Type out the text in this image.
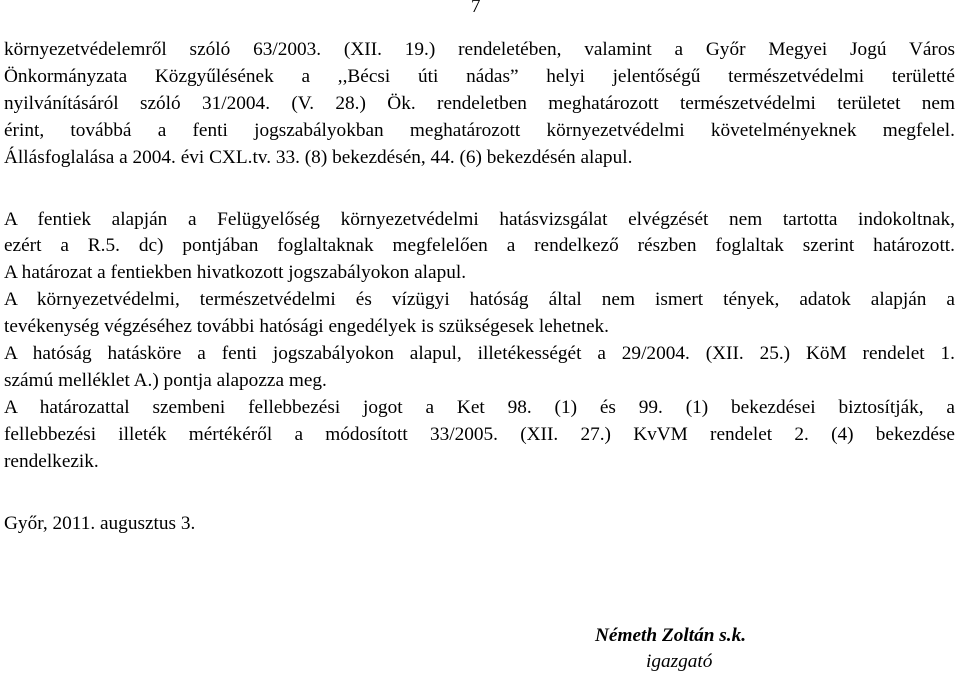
7
környezetvédelemről szóló 63/2003. (XII. 19.) rendeletében, valamint a Győr Megyei Jogú Város
Önkormányzata Közgyűlésének a ,,Bécsi úti nádas” helyi jelentőségű természetvédelmi területté
nyilvánításáról szóló 31/2004. (V. 28.) Ök. rendeletben meghatározott természetvédelmi területet nem
érint, továbbá a fenti jogszabályokban meghatározott környezetvédelmi követelményeknek megfelel.
Állásfoglalása a 2004. évi CXL.tv. 33. (8) bekezdésén, 44. (6) bekezdésén alapul.
A fentiek alapján a Felügyelőség környezetvédelmi hatásvizsgálat elvégzését nem tartotta indokoltnak,
ezért a R.5. dc) pontjában foglaltaknak megfelelően a rendelkező részben foglaltak szerint határozott.
A határozat a fentiekben hivatkozott jogszabályokon alapul.
A környezetvédelmi, természetvédelmi és vízügyi hatóság által nem ismert tények, adatok alapján a
tevékenység végzéséhez további hatósági engedélyek is szükségesek lehetnek.
A hatóság hatásköre a fenti jogszabályokon alapul, illetékességét a 29/2004. (XII. 25.) KöM rendelet 1.
számú melléklet A.) pontja alapozza meg.
A határozattal szembeni fellebbezési jogot a Ket 98. (1) és 99. (1) bekezdései biztosítják, a
fellebbezési illeték mértékéről a módosított 33/2005. (XII. 27.) KvVM rendelet 2. (4) bekezdése
rendelkezik.
Győr, 2011. augusztus 3.
Németh Zoltán s.k.
igazgató
